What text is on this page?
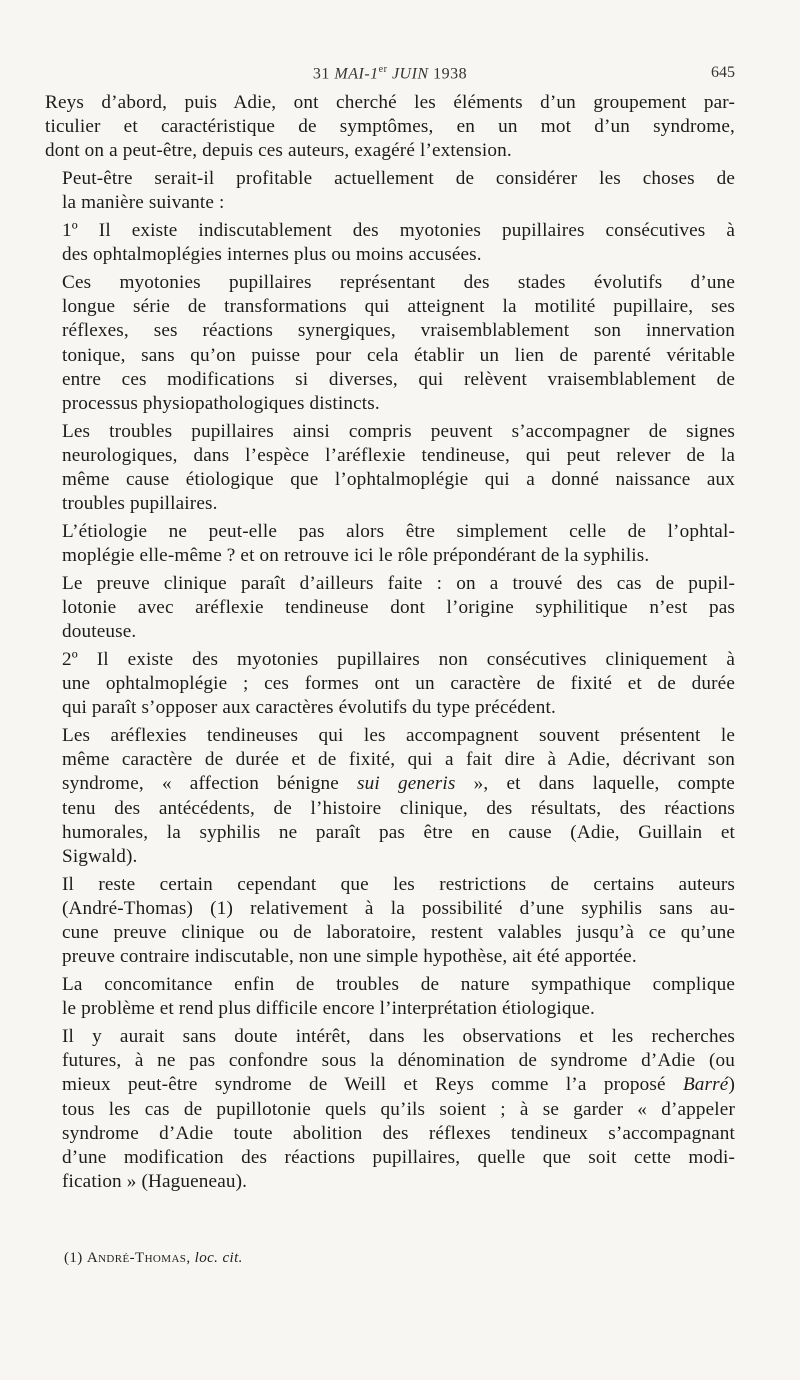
31 MAI-1er JUIN 1938	645

Reys d’abord, puis Adie, ont cherché les éléments d’un groupement par-
ticulier et caractéristique de symptômes, en un mot d’un syndrome,
dont on a peut-être, depuis ces auteurs, exagéré l’extension.

Peut-être serait-il profitable actuellement de considérer les choses de
la manière suivante :

1º Il existe indiscutablement des myotonies pupillaires consécutives à
des ophtalmoplégies internes plus ou moins accusées.

Ces myotonies pupillaires représentant des stades évolutifs d’une
longue série de transformations qui atteignent la motilité pupillaire, ses
réflexes, ses réactions synergiques, vraisemblablement son innervation
tonique, sans qu’on puisse pour cela établir un lien de parenté véritable
entre ces modifications si diverses, qui relèvent vraisemblablement de
processus physiopathologiques distincts.

Les troubles pupillaires ainsi compris peuvent s’accompagner de signes
neurologiques, dans l’espèce l’aréflexie tendineuse, qui peut relever de la
même cause étiologique que l’ophtalmoplégie qui a donné naissance aux
troubles pupillaires.

L’étiologie ne peut-elle pas alors être simplement celle de l’ophtal-
moplégie elle-même ? et on retrouve ici le rôle prépondérant de la syphilis.

Le preuve clinique paraît d’ailleurs faite : on a trouvé des cas de pupil-
lotonie avec aréflexie tendineuse dont l’origine syphilitique n’est pas
douteuse.

2º Il existe des myotonies pupillaires non consécutives cliniquement à
une ophtalmoplégie ; ces formes ont un caractère de fixité et de durée
qui paraît s’opposer aux caractères évolutifs du type précédent.

Les aréflexies tendineuses qui les accompagnent souvent présentent le
même caractère de durée et de fixité, qui a fait dire à Adie, décrivant son
syndrome, « affection bénigne sui generis », et dans laquelle, compte
tenu des antécédents, de l’histoire clinique, des résultats, des réactions
humorales, la syphilis ne paraît pas être en cause (Adie, Guillain et
Sigwald).

Il reste certain cependant que les restrictions de certains auteurs
(André-Thomas) (1) relativement à la possibilité d’une syphilis sans au-
cune preuve clinique ou de laboratoire, restent valables jusqu’à ce qu’une
preuve contraire indiscutable, non une simple hypothèse, ait été apportée.

La concomitance enfin de troubles de nature sympathique complique
le problème et rend plus difficile encore l’interprétation étiologique.

Il y aurait sans doute intérêt, dans les observations et les recherches
futures, à ne pas confondre sous la dénomination de syndrome d’Adie (ou
mieux peut-être syndrome de Weill et Reys comme l’a proposé Barré)
tous les cas de pupillotonie quels qu’ils soient ; à se garder « d’appeler
syndrome d’Adie toute abolition des réflexes tendineux s’accompagnant
d’une modification des réactions pupillaires, quelle que soit cette modi-
fication » (Hagueneau).

(1) André-Thomas, loc. cit.
